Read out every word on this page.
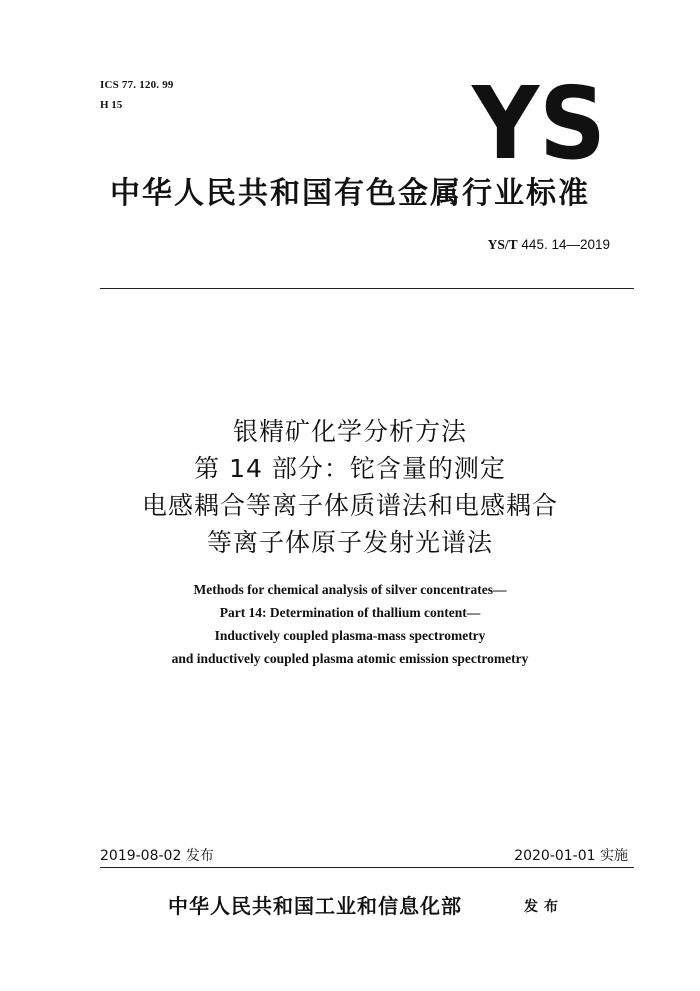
ICS 77. 120. 99
H 15	YS
中华人民共和国有色金属行业标准
YS/T 445. 14—2019
银精矿化学分析方法
第 14 部分：铊含量的测定
电感耦合等离子体质谱法和电感耦合
等离子体原子发射光谱法
Methods for chemical analysis of silver concentrates—
Part 14: Determination of thallium content—
Inductively coupled plasma-mass spectrometry
and inductively coupled plasma atomic emission spectrometry
2019-08-02 发布	2020-01-01 实施
中华人民共和国工业和信息化部	发布
